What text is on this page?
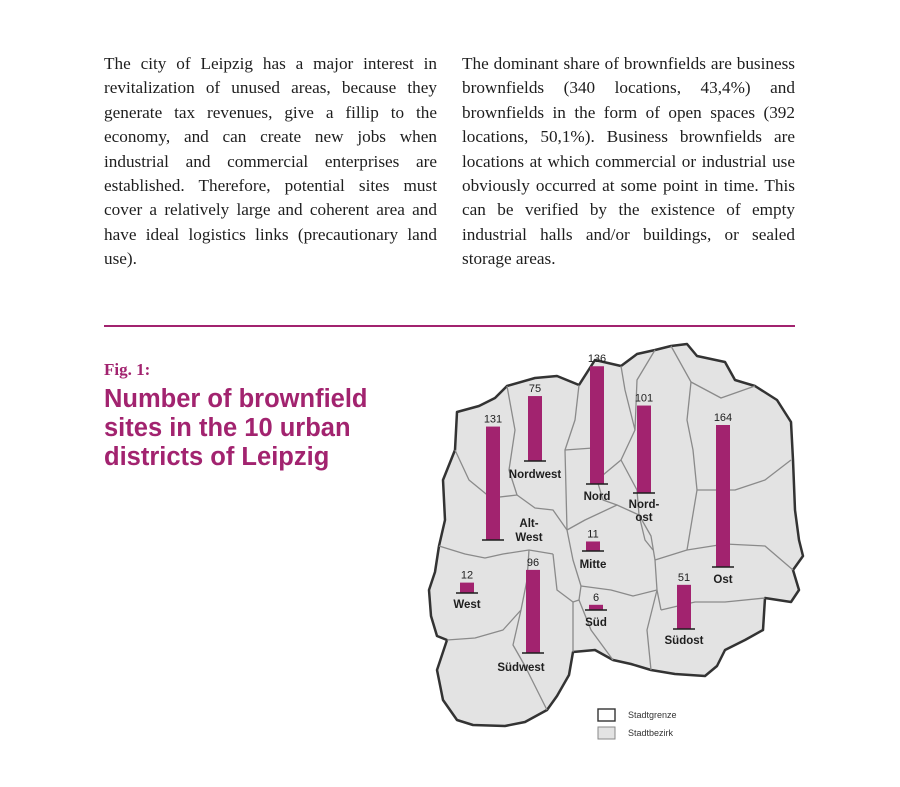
The city of Leipzig has a major interest in revitalization of unused areas, because they generate tax revenues, give a fillip to the economy, and can create new jobs when industrial and commercial enterprises are established. Therefore, potential sites must cover a relatively large and coherent area and have ideal logistics links (precautionary land use).

The dominant share of brownfields are business brownfields (340 locations, 43,4%) and brownfields in the form of open spaces (392 locations, 50,1%). Business brownfields are locations at which commercial or industrial use obviously occurred at some point in time. This can be verified by the existence of empty industrial halls and/or buildings, or sealed storage areas.

Fig. 1:

Number of brownfield sites in the 10 urban districts of Leipzig

12
131
75
136
101
164
11
96
6
51
West
Alt-
West
Nordwest
Nord
Nord-
ost
Ost
Mitte
Südwest
Süd
Südost
Stadtgrenze
Stadtbezirk
